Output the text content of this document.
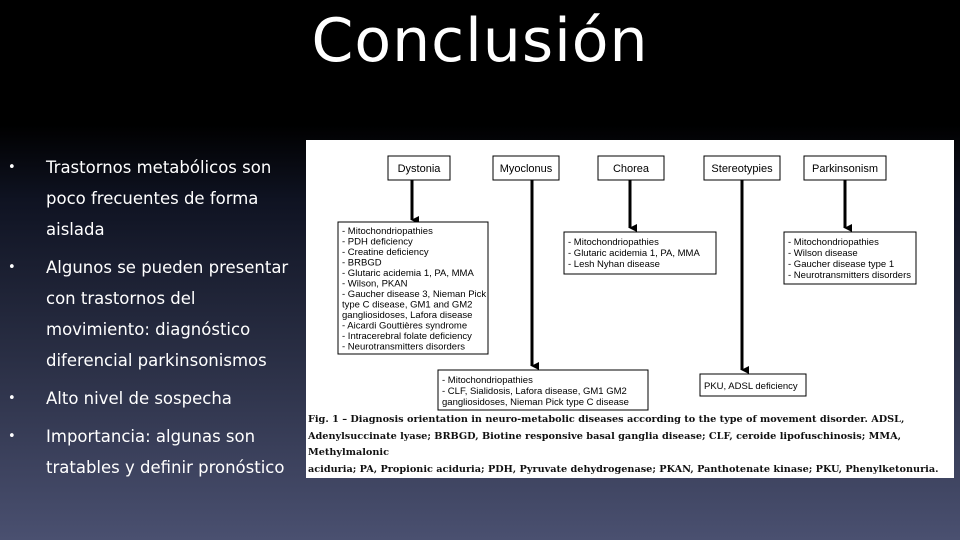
Conclusión
• Trastornos metabólicos son poco frecuentes de forma aislada
• Algunos se pueden presentar con trastornos del movimiento: diagnóstico diferencial parkinsonismos
• Alto nivel de sospecha
• Importancia: algunas son tratables y definir pronóstico
Dystonia	Myoclonus	Chorea	Stereotypies	Parkinsonism
- Mitochondriopathies
- PDH deficiency
- Creatine deficiency
- BRBGD
- Glutaric acidemia 1, PA, MMA
- Wilson, PKAN
- Gaucher disease 3, Nieman Pick
type C disease, GM1 and GM2
gangliosidoses, Lafora disease
- Aicardi Gouttières syndrome
- Intracerebral folate deficiency
- Neurotransmitters disorders
- Mitochondriopathies
- Glutaric acidemia 1, PA, MMA
- Lesh Nyhan disease
- Mitochondriopathies
- Wilson disease
- Gaucher disease type 1
- Neurotransmitters disorders
- Mitochondriopathies
- CLF, Sialidosis, Lafora disease, GM1 GM2
gangliosidoses, Nieman Pick type C disease
PKU, ADSL deficiency
Fig. 1 – Diagnosis orientation in neuro-metabolic diseases according to the type of movement disorder. ADSL,
Adenylsuccinate lyase; BRBGD, Biotine responsive basal ganglia disease; CLF, ceroide lipofuschinosis; MMA, Methylmalonic
aciduria; PA, Propionic aciduria; PDH, Pyruvate dehydrogenase; PKAN, Panthotenate kinase; PKU, Phenylketonuria.
